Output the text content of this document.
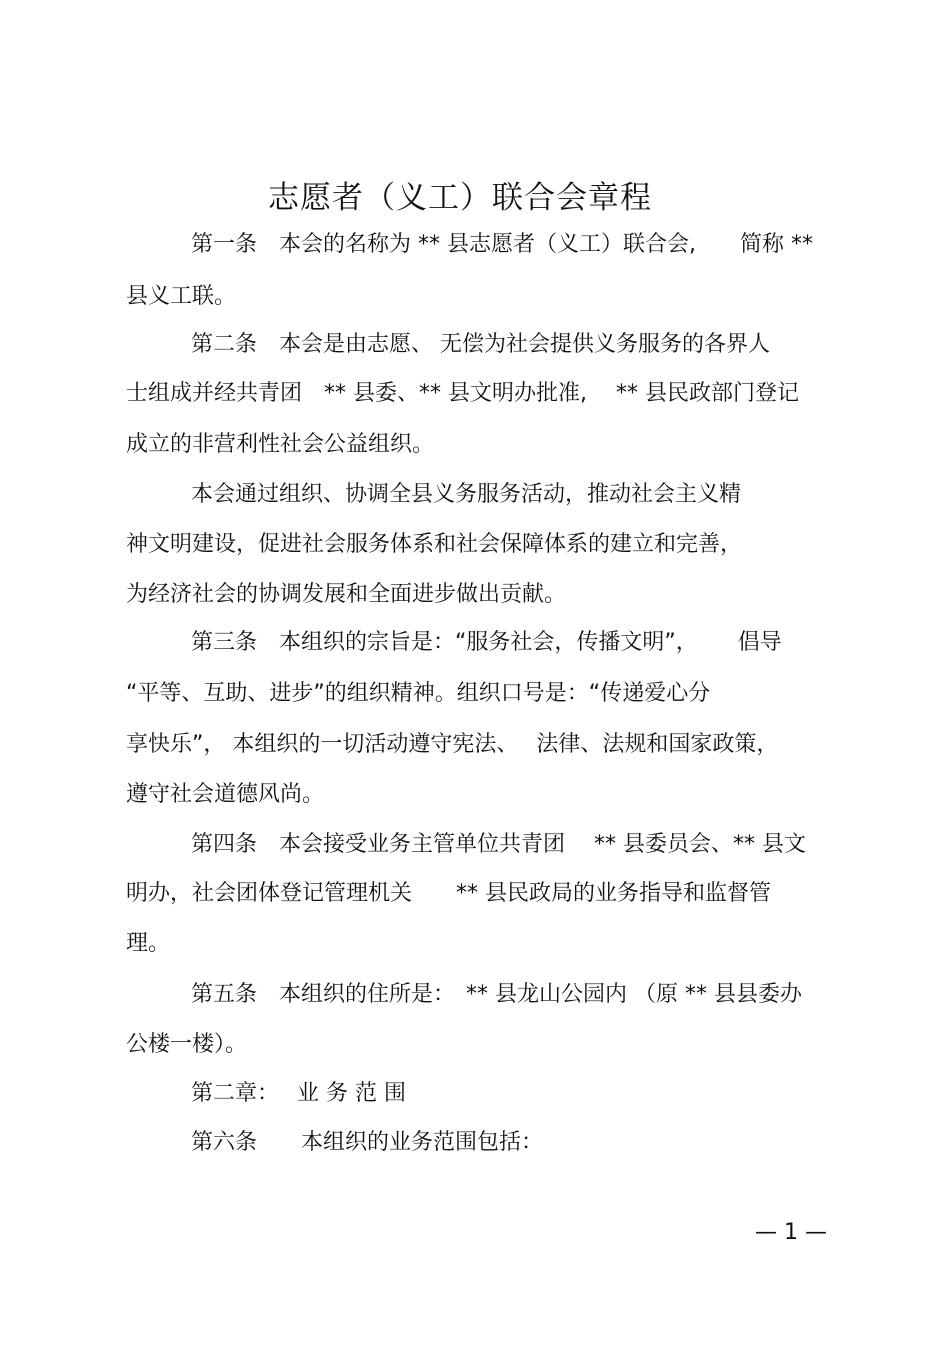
志愿者（义工）联合会章程
第一条　本会的名称为 ** 县志愿者（义工）联合会,　　简称 **
县义工联。
第二条　本会是由志愿、 无偿为社会提供义务服务的各界人
士组成并经共青团　** 县委、** 县文明办批准,　 ** 县民政部门登记
成立的非营利性社会公益组织。
本会通过组织、协调全县义务服务活动，推动社会主义精
神文明建设，促进社会服务体系和社会保障体系的建立和完善，
为经济社会的协调发展和全面进步做出贡献。
第三条　本组织的宗旨是：“服务社会，传播文明”，　　 倡导
“平等、互助、进步”的组织精神。组织口号是：“传递爱心分
享快乐”， 本组织的一切活动遵守宪法、　 法律、法规和国家政策，
遵守社会道德风尚。
第四条　本会接受业务主管单位共青团　 ** 县委员会、** 县文
明办，社会团体登记管理机关　　** 县民政局的业务指导和监督管
理。
第五条　本组织的住所是：　** 县龙山公园内 （原 ** 县县委办
公楼一楼）。
第二章：　 业 务 范 围
第六条　　本组织的业务范围包括：
— 1 —
